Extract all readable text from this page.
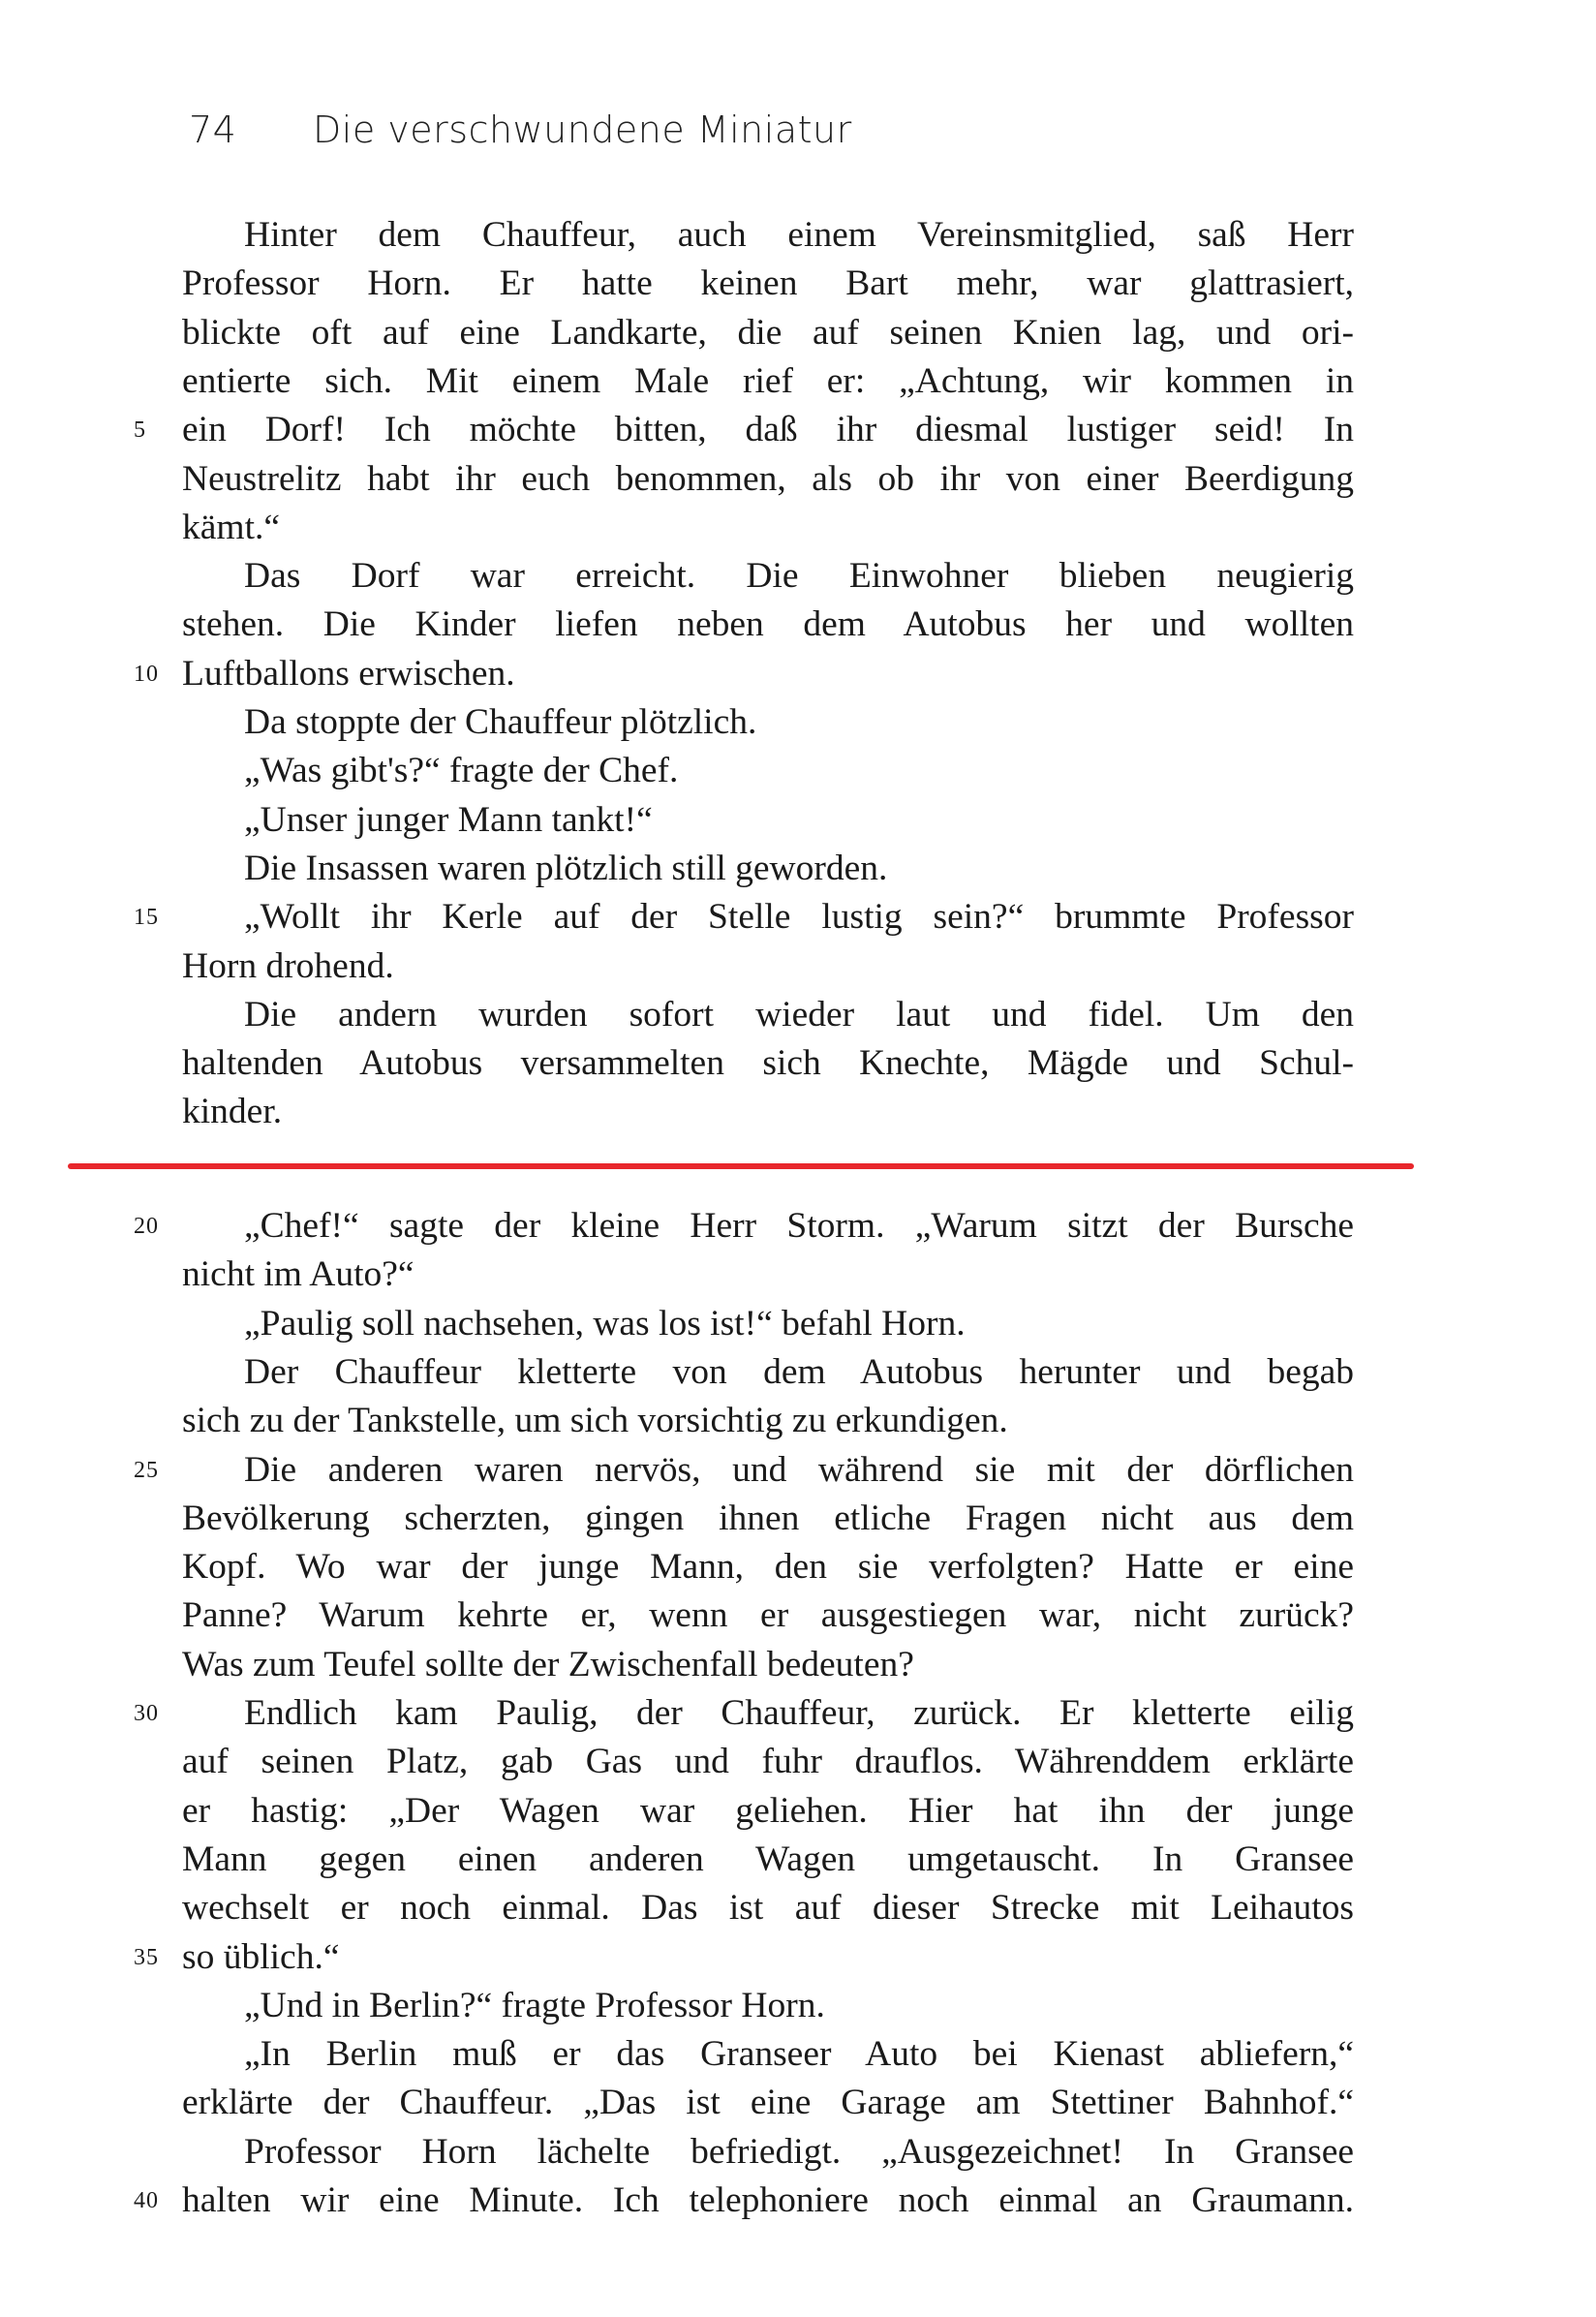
74 Die verschwundene Miniatur
Hinter dem Chauffeur, auch einem Vereinsmitglied, saß Herr
Professor Horn. Er hatte keinen Bart mehr, war glattrasiert,
blickte oft auf eine Landkarte, die auf seinen Knien lag, und ori-
entierte sich. Mit einem Male rief er: „Achtung, wir kommen in
ein Dorf! Ich möchte bitten, daß ihr diesmal lustiger seid! In
5
Neustrelitz habt ihr euch benommen, als ob ihr von einer Beerdigung
kämt.“
Das Dorf war erreicht. Die Einwohner blieben neugierig
stehen. Die Kinder liefen neben dem Autobus her und wollten
Luftballons erwischen.
10
Da stoppte der Chauffeur plötzlich.
„Was gibt's?“ fragte der Chef.
„Unser junger Mann tankt!“
Die Insassen waren plötzlich still geworden.
„Wollt ihr Kerle auf der Stelle lustig sein?“ brummte Professor
15
Horn drohend.
Die andern wurden sofort wieder laut und fidel. Um den
haltenden Autobus versammelten sich Knechte, Mägde und Schul-
kinder.
„Chef!“ sagte der kleine Herr Storm. „Warum sitzt der Bursche
20
nicht im Auto?“
„Paulig soll nachsehen, was los ist!“ befahl Horn.
Der Chauffeur kletterte von dem Autobus herunter und begab
sich zu der Tankstelle, um sich vorsichtig zu erkundigen.
Die anderen waren nervös, und während sie mit der dörflichen
25
Bevölkerung scherzten, gingen ihnen etliche Fragen nicht aus dem
Kopf. Wo war der junge Mann, den sie verfolgten? Hatte er eine
Panne? Warum kehrte er, wenn er ausgestiegen war, nicht zurück?
Was zum Teufel sollte der Zwischenfall bedeuten?
Endlich kam Paulig, der Chauffeur, zurück. Er kletterte eilig
30
auf seinen Platz, gab Gas und fuhr drauflos. Währenddem erklärte
er hastig: „Der Wagen war geliehen. Hier hat ihn der junge
Mann gegen einen anderen Wagen umgetauscht. In Gransee
wechselt er noch einmal. Das ist auf dieser Strecke mit Leihautos
so üblich.“
35
„Und in Berlin?“ fragte Professor Horn.
„In Berlin muß er das Granseer Auto bei Kienast abliefern,“
erklärte der Chauffeur. „Das ist eine Garage am Stettiner Bahnhof.“
Professor Horn lächelte befriedigt. „Ausgezeichnet! In Gransee
halten wir eine Minute. Ich telephoniere noch einmal an Graumann.
40
